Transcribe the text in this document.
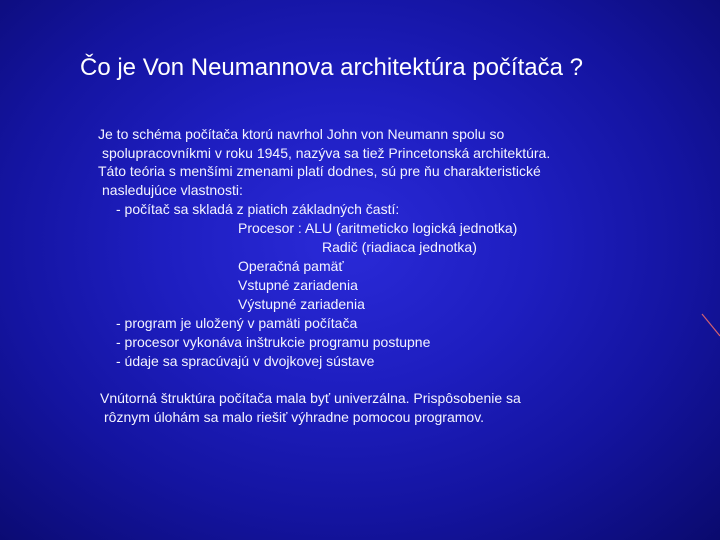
Čo je Von Neumannova architektúra počítača ?
Je to schéma počítača ktorú navrhol John von Neumann spolu so
spolupracovníkmi v roku 1945, nazýva sa tiež Princetonská architektúra.
Táto teória s menšími zmenami platí dodnes, sú pre ňu charakteristické
nasledujúce vlastnosti:
- počítač sa skladá z piatich základných častí:
Procesor : ALU (aritmeticko logická jednotka)
Radič (riadiaca jednotka)
Operačná pamäť
Vstupné zariadenia
Výstupné zariadenia
- program je uložený v pamäti počítača
- procesor vykonáva inštrukcie programu postupne
- údaje sa spracúvajú v dvojkovej sústave
Vnútorná štruktúra počítača mala byť univerzálna. Prispôsobenie sa
rôznym úlohám sa malo riešiť výhradne pomocou programov.
